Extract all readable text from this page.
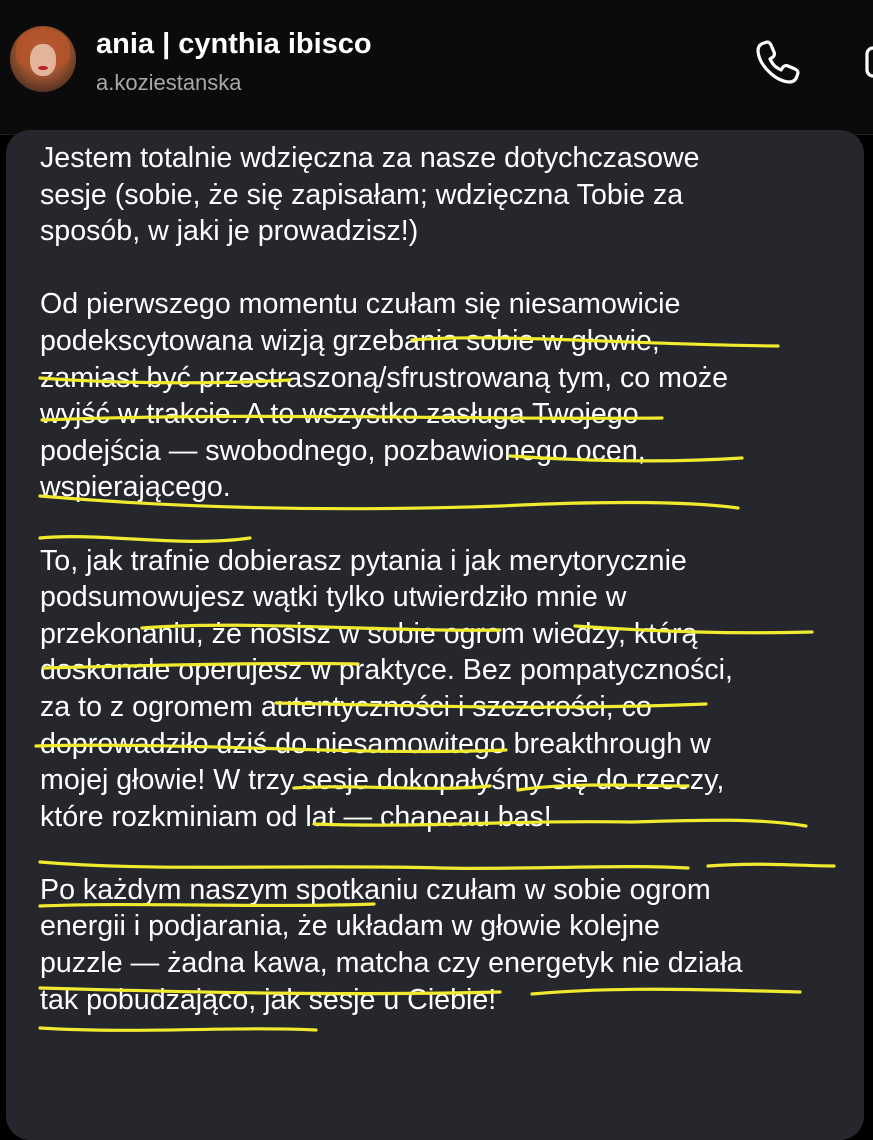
ania | cynthia ibisco
a.koziestanska
Jestem totalnie wdzięczna za nasze dotychczasowe
sesje (sobie, że się zapisałam; wdzięczna Tobie za
sposób, w jaki je prowadzisz!)
Od pierwszego momentu czułam się niesamowicie
podekscytowana wizją grzebania sobie w głowie,
zamiast być przestraszoną/sfrustrowaną tym, co może
wyjść w trakcie. A to wszystko zasługa Twojego
podejścia — swobodnego, pozbawionego ocen,
wspierającego.
To, jak trafnie dobierasz pytania i jak merytorycznie
podsumowujesz wątki tylko utwierdziło mnie w
przekonaniu, że nosisz w sobie ogrom wiedzy, którą
doskonale operujesz w praktyce. Bez pompatyczności,
za to z ogromem autentyczności i szczerości, co
doprowadziło dziś do niesamowitego breakthrough w
mojej głowie! W trzy sesje dokopałyśmy się do rzeczy,
które rozkminiam od lat — chapeau bas!
Po każdym naszym spotkaniu czułam w sobie ogrom
energii i podjarania, że układam w głowie kolejne
puzzle — żadna kawa, matcha czy energetyk nie działa
tak pobudzająco, jak sesje u Ciebie!
